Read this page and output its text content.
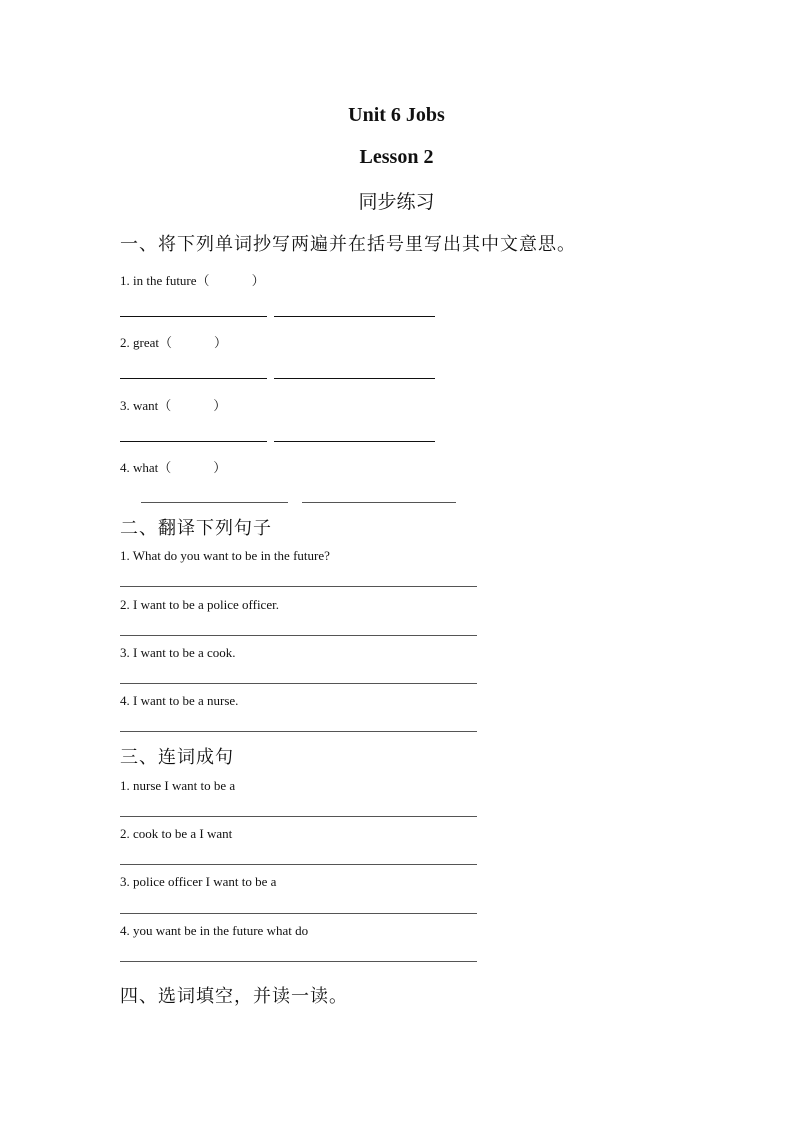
Unit 6 Jobs
Lesson 2
同步练习
一、将下列单词抄写两遍并在括号里写出其中文意思。
1. in the future（	）
2. great（	）
3. want（	）
4. what（	）
二、翻译下列句子
1. What do you want to be in the future?
2. I want to be a police officer.
3. I want to be a cook.
4. I want to be a nurse.
三、连词成句
1. nurse I want to be a
2. cook to be a I want
3. police officer I want to be a
4. you want be in the future what do
四、选词填空，并读一读。
